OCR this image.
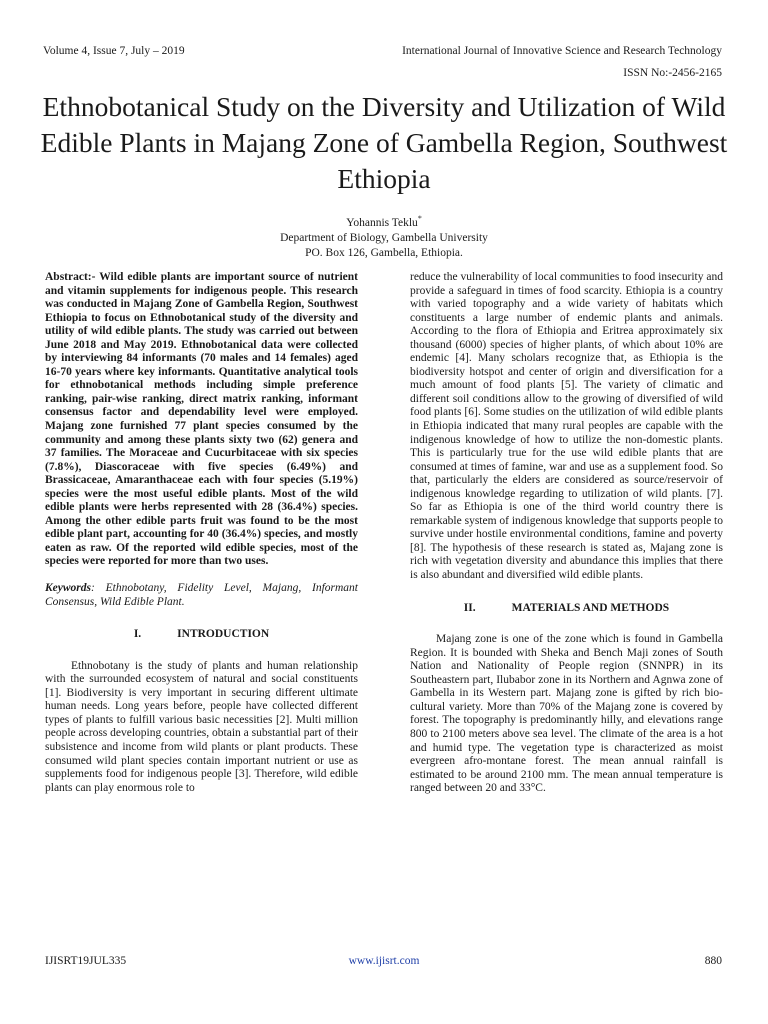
Volume 4, Issue 7, July – 2019	International Journal of Innovative Science and Research Technology
ISSN No:-2456-2165
Ethnobotanical Study on the Diversity and Utilization of Wild Edible Plants in Majang Zone of Gambella Region, Southwest Ethiopia
Yohannis Teklu*
Department of Biology, Gambella University
PO. Box 126, Gambella, Ethiopia.

Abstract:- Wild edible plants are important source of nutrient and vitamin supplements for indigenous people. This research was conducted in Majang Zone of Gambella Region, Southwest Ethiopia to focus on Ethnobotanical study of the diversity and utility of wild edible plants. The study was carried out between June 2018 and May 2019. Ethnobotanical data were collected by interviewing 84 informants (70 males and 14 females) aged 16-70 years where key informants. Quantitative analytical tools for ethnobotanical methods including simple preference ranking, pair-wise ranking, direct matrix ranking, informant consensus factor and dependability level were employed. Majang zone furnished 77 plant species consumed by the community and among these plants sixty two (62) genera and 37 families. The Moraceae and Cucurbitaceae with six species (7.8%), Diascoraceae with five species (6.49%) and Brassicaceae, Amaranthaceae each with four species (5.19%) species were the most useful edible plants. Most of the wild edible plants were herbs represented with 28 (36.4%) species. Among the other edible parts fruit was found to be the most edible plant part, accounting for 40 (36.4%) species, and mostly eaten as raw. Of the reported wild edible species, most of the species were reported for more than two uses.

Keywords: Ethnobotany, Fidelity Level, Majang, Informant Consensus, Wild Edible Plant.

I.	INTRODUCTION

Ethnobotany is the study of plants and human relationship with the surrounded ecosystem of natural and social constituents [1]. Biodiversity is very important in securing different ultimate human needs. Long years before, people have collected different types of plants to fulfill various basic necessities [2]. Multi million people across developing countries, obtain a substantial part of their subsistence and income from wild plants or plant products. These consumed wild plant species contain important nutrient or use as supplements food for indigenous people [3]. Therefore, wild edible plants can play enormous role to

reduce the vulnerability of local communities to food insecurity and provide a safeguard in times of food scarcity. Ethiopia is a country with varied topography and a wide variety of habitats which constituents a large number of endemic plants and animals. According to the flora of Ethiopia and Eritrea approximately six thousand (6000) species of higher plants, of which about 10% are endemic [4]. Many scholars recognize that, as Ethiopia is the biodiversity hotspot and center of origin and diversification for a much amount of food plants [5]. The variety of climatic and different soil conditions allow to the growing of diversified of wild food plants [6]. Some studies on the utilization of wild edible plants in Ethiopia indicated that many rural peoples are capable with the indigenous knowledge of how to utilize the non-domestic plants. This is particularly true for the use wild edible plants that are consumed at times of famine, war and use as a supplement food. So that, particularly the elders are considered as source/reservoir of indigenous knowledge regarding to utilization of wild plants. [7]. So far as Ethiopia is one of the third world country there is remarkable system of indigenous knowledge that supports people to survive under hostile environmental conditions, famine and poverty [8]. The hypothesis of these research is stated as, Majang zone is rich with vegetation diversity and abundance this implies that there is also abundant and diversified wild edible plants.

II.	MATERIALS AND METHODS

Majang zone is one of the zone which is found in Gambella Region. It is bounded with Sheka and Bench Maji zones of South Nation and Nationality of People region (SNNPR) in its Southeastern part, Ilubabor zone in its Northern and Agnwa zone of Gambella in its Western part. Majang zone is gifted by rich bio-cultural variety. More than 70% of the Majang zone is covered by forest. The topography is predominantly hilly, and elevations range 800 to 2100 meters above sea level. The climate of the area is a hot and humid type. The vegetation type is characterized as moist evergreen afro-montane forest. The mean annual rainfall is estimated to be around 2100 mm. The mean annual temperature is ranged between 20 and 33°C.

IJISRT19JUL335	www.ijisrt.com	880
